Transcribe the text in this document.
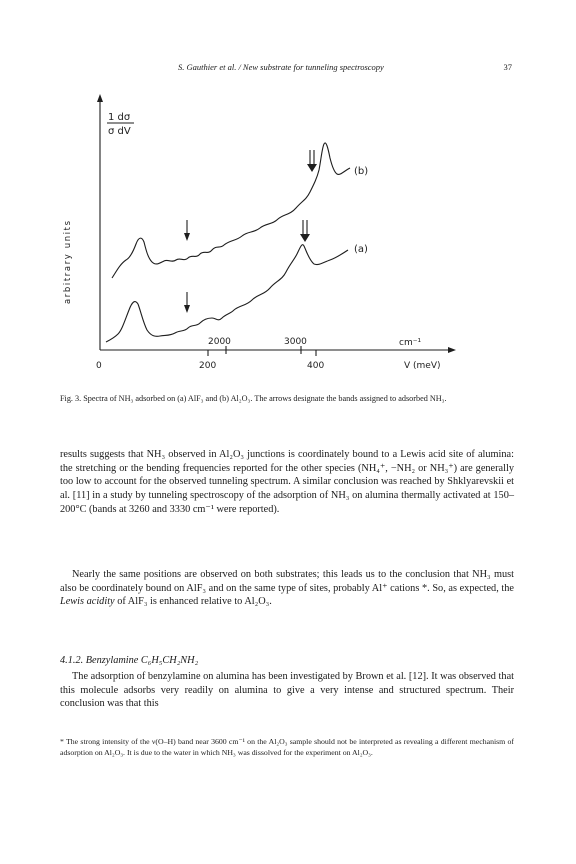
S. Gauthier et al. / New substrate for tunneling spectroscopy	37
1 dσ
σ dV
arbitrary units
(b)
(a)
2000	3000	cm⁻¹
0	200	400	V (meV)
Fig. 3. Spectra of NH₃ adsorbed on (a) AlF₃ and (b) Al₂O₃. The arrows designate the bands assigned to adsorbed NH₃.
results suggests that NH₃ observed in Al₂O₃ junctions is coordinately bound to a Lewis acid site of alumina: the stretching or the bending frequencies reported for the other species (NH₄⁺, −NH₂ or NH₃⁺) are generally too low to account for the observed tunneling spectrum. A similar conclusion was reached by Shklyarevskii et al. [11] in a study by tunneling spectroscopy of the adsorption of NH₃ on alumina thermally activated at 150–200°C (bands at 3260 and 3330 cm⁻¹ were reported).
Nearly the same positions are observed on both substrates; this leads us to the conclusion that NH₃ must also be coordinately bound on AlF₃ and on the same type of sites, probably Al⁺ cations *. So, as expected, the Lewis acidity of AlF₃ is enhanced relative to Al₂O₃.
4.1.2. Benzylamine C₆H₅CH₂NH₂
The adsorption of benzylamine on alumina has been investigated by Brown et al. [12]. It was observed that this molecule adsorbs very readily on alumina to give a very intense and structured spectrum. Their conclusion was that this
* The strong intensity of the ν(O–H) band near 3600 cm⁻¹ on the Al₂O₃ sample should not be interpreted as revealing a different mechanism of adsorption on Al₂O₃. It is due to the water in which NH₃ was dissolved for the experiment on Al₂O₃.
